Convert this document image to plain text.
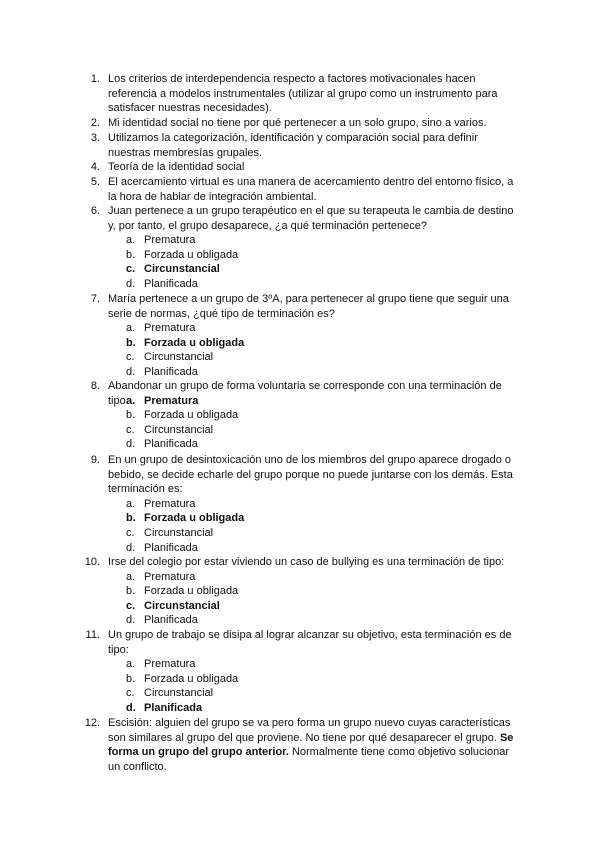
1. Los criterios de interdependencia respecto a factores motivacionales hacen referencia a modelos instrumentales (utilizar al grupo como un instrumento para satisfacer nuestras necesidades).
2. Mi identidad social no tiene por qué pertenecer a un solo grupo, sino a varios.
3. Utilizamos la categorización, identificación y comparación social para definir nuestras membresías grupales.
4. Teoría de la identidad social
5. El acercamiento virtual es una manera de acercamiento dentro del entorno físico, a la hora de hablar de integración ambiental.
6. Juan pertenece a un grupo terapéutico en el que su terapeuta le cambia de destino y, por tanto, el grupo desaparece, ¿a qué terminación pertenece?
a. Prematura
b. Forzada u obligada
c. Circunstancial
d. Planificada
7. María pertenece a un grupo de 3ºA, para pertenecer al grupo tiene que seguir una serie de normas, ¿qué tipo de terminación es?
a. Prematura
b. Forzada u obligada
c. Circunstancial
d. Planificada
8. Abandonar un grupo de forma voluntaria se corresponde con una terminación de tipo a. Prematura
b. Forzada u obligada
c. Circunstancial
d. Planificada
9. En un grupo de desintoxicación uno de los miembros del grupo aparece drogado o bebido, se decide echarle del grupo porque no puede juntarse con los demás. Esta terminación es:
a. Prematura
b. Forzada u obligada
c. Circunstancial
d. Planificada
10. Irse del colegio por estar viviendo un caso de bullying es una terminación de tipo:
a. Prematura
b. Forzada u obligada
c. Circunstancial
d. Planificada
11. Un grupo de trabajo se disipa al lograr alcanzar su objetivo, esta terminación es de tipo:
a. Prematura
b. Forzada u obligada
c. Circunstancial
d. Planificada
12. Escisión: alguien del grupo se va pero forma un grupo nuevo cuyas características son similares al grupo del que proviene. No tiene por qué desaparecer el grupo. Se forma un grupo del grupo anterior. Normalmente tiene como objetivo solucionar un conflicto.
